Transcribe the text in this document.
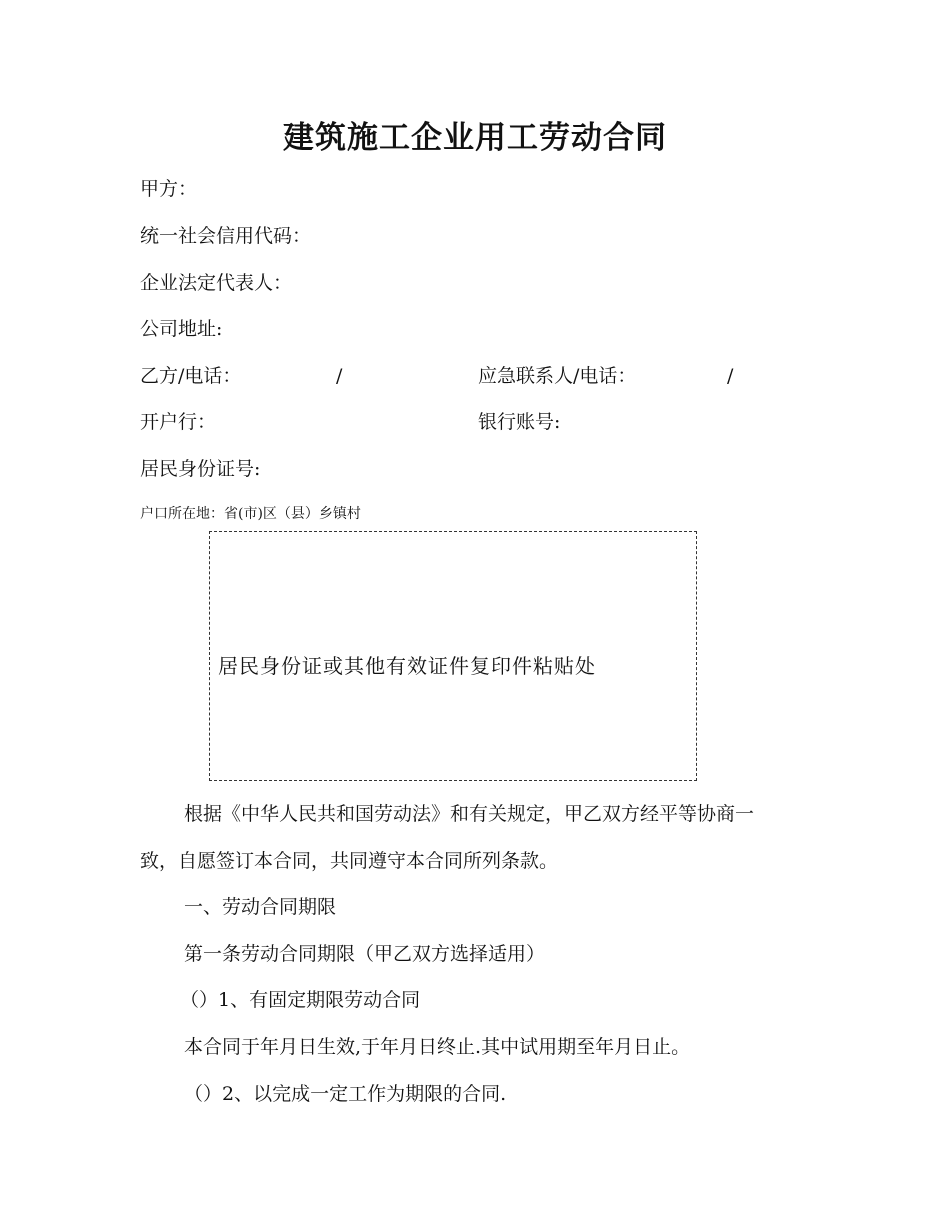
建筑施工企业用工劳动合同
甲方：
统一社会信用代码：
企业法定代表人：
公司地址:
乙方/电话：	/	应急联系人/电话：	/
开户行：	银行账号:
居民身份证号:
户口所在地：省(市)区（县）乡镇村
居民身份证或其他有效证件复印件粘贴处
根据《中华人民共和国劳动法》和有关规定，甲乙双方经平等协商一
致，自愿签订本合同，共同遵守本合同所列条款。
一、劳动合同期限
第一条劳动合同期限（甲乙双方选择适用）
（）1、有固定期限劳动合同
本合同于年月日生效,于年月日终止.其中试用期至年月日止。
（）2、以完成一定工作为期限的合同.
